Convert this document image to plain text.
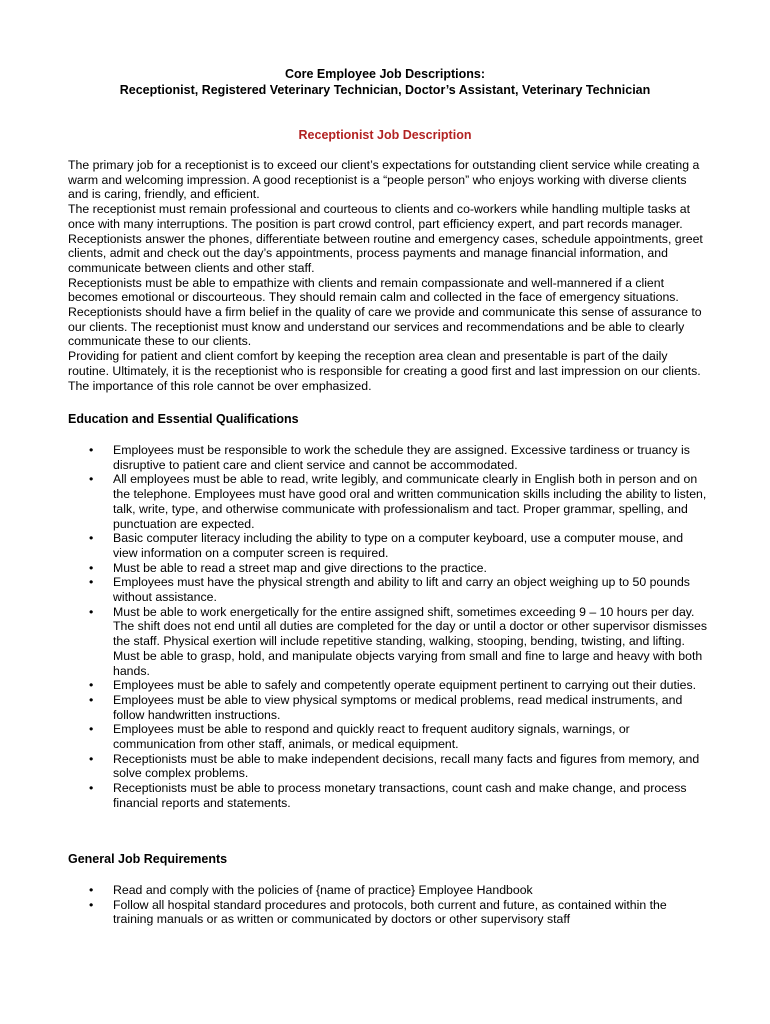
Core Employee Job Descriptions:
Receptionist, Registered Veterinary Technician, Doctor’s Assistant, Veterinary Technician
Receptionist Job Description

The primary job for a receptionist is to exceed our client’s expectations for outstanding client service while creating a warm and welcoming impression. A good receptionist is a “people person” who enjoys working with diverse clients and is caring, friendly, and efficient.

The receptionist must remain professional and courteous to clients and co-workers while handling multiple tasks at once with many interruptions. The position is part crowd control, part efficiency expert, and part records manager. Receptionists answer the phones, differentiate between routine and emergency cases, schedule appointments, greet clients, admit and check out the day’s appointments, process payments and manage financial information, and communicate between clients and other staff.

Receptionists must be able to empathize with clients and remain compassionate and well-mannered if a client becomes emotional or discourteous. They should remain calm and collected in the face of emergency situations. Receptionists should have a firm belief in the quality of care we provide and communicate this sense of assurance to our clients. The receptionist must know and understand our services and recommendations and be able to clearly communicate these to our clients.

Providing for patient and client comfort by keeping the reception area clean and presentable is part of the daily routine. Ultimately, it is the receptionist who is responsible for creating a good first and last impression on our clients. The importance of this role cannot be over emphasized.

Education and Essential Qualifications
• Employees must be responsible to work the schedule they are assigned. Excessive tardiness or truancy is disruptive to patient care and client service and cannot be accommodated.
• All employees must be able to read, write legibly, and communicate clearly in English both in person and on the telephone. Employees must have good oral and written communication skills including the ability to listen, talk, write, type, and otherwise communicate with professionalism and tact. Proper grammar, spelling, and punctuation are expected.
• Basic computer literacy including the ability to type on a computer keyboard, use a computer mouse, and view information on a computer screen is required.
• Must be able to read a street map and give directions to the practice.
• Employees must have the physical strength and ability to lift and carry an object weighing up to 50 pounds without assistance.
• Must be able to work energetically for the entire assigned shift, sometimes exceeding 9 – 10 hours per day. The shift does not end until all duties are completed for the day or until a doctor or other supervisor dismisses the staff. Physical exertion will include repetitive standing, walking, stooping, bending, twisting, and lifting. Must be able to grasp, hold, and manipulate objects varying from small and fine to large and heavy with both hands.
• Employees must be able to safely and competently operate equipment pertinent to carrying out their duties.
• Employees must be able to view physical symptoms or medical problems, read medical instruments, and follow handwritten instructions.
• Employees must be able to respond and quickly react to frequent auditory signals, warnings, or communication from other staff, animals, or medical equipment.
• Receptionists must be able to make independent decisions, recall many facts and figures from memory, and solve complex problems.
• Receptionists must be able to process monetary transactions, count cash and make change, and process financial reports and statements.
General Job Requirements
• Read and comply with the policies of {name of practice} Employee Handbook
• Follow all hospital standard procedures and protocols, both current and future, as contained within the training manuals or as written or communicated by doctors or other supervisory staff
